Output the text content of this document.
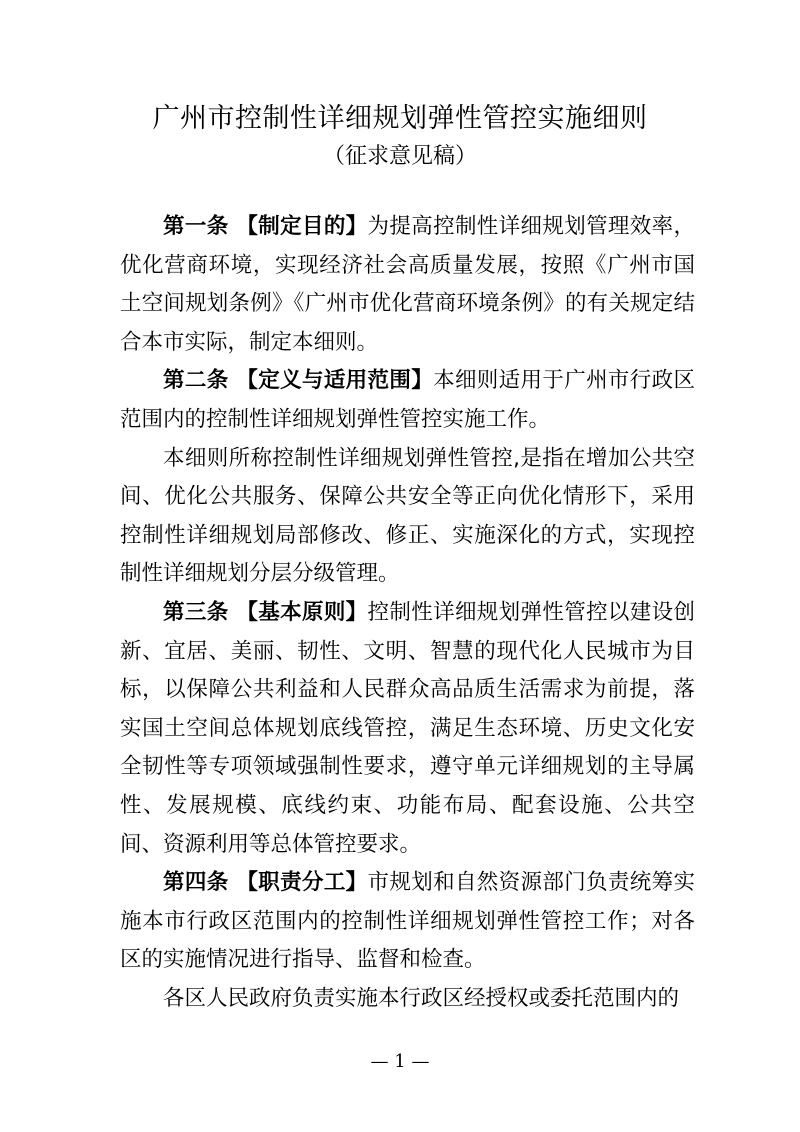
广州市控制性详细规划弹性管控实施细则
（征求意见稿）

第一条 【制定目的】为提高控制性详细规划管理效率，优化营商环境，实现经济社会高质量发展，按照《广州市国土空间规划条例》《广州市优化营商环境条例》的有关规定结合本市实际，制定本细则。

第二条 【定义与适用范围】本细则适用于广州市行政区范围内的控制性详细规划弹性管控实施工作。

本细则所称控制性详细规划弹性管控,是指在增加公共空间、优化公共服务、保障公共安全等正向优化情形下，采用控制性详细规划局部修改、修正、实施深化的方式，实现控制性详细规划分层分级管理。

第三条 【基本原则】控制性详细规划弹性管控以建设创新、宜居、美丽、韧性、文明、智慧的现代化人民城市为目标，以保障公共利益和人民群众高品质生活需求为前提，落实国土空间总体规划底线管控，满足生态环境、历史文化安全韧性等专项领域强制性要求，遵守单元详细规划的主导属性、发展规模、底线约束、功能布局、配套设施、公共空间、资源利用等总体管控要求。

第四条 【职责分工】市规划和自然资源部门负责统筹实施本市行政区范围内的控制性详细规划弹性管控工作；对各区的实施情况进行指导、监督和检查。

各区人民政府负责实施本行政区经授权或委托范围内的

— 1 —
